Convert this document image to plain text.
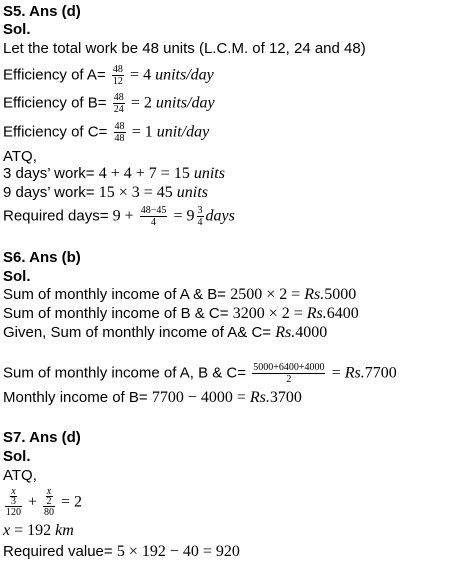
S5. Ans (d)
Sol.
Let the total work be 48 units (L.C.M. of 12, 24 and 48)
Efficiency of $A= \frac{48}{12} = 4$ units/day
Efficiency of $B= \frac{48}{24} = 2$ units/day
Efficiency of $C= \frac{48}{48} = 1$ unit/day
ATQ,
3 days’ work= 4 + 4 + 7 = 15 units
9 days’ work= 15 × 3 = 45 units
Required days= $9 + \frac{48-45}{4} = 9 \frac{3}{4}$ days
S6. Ans (b)
Sol.
Sum of monthly income of A & B= 2500 × 2 = Rs.5000
Sum of monthly income of B & C= 3200 × 2 = Rs.6400
Given, Sum of monthly income of A& C= Rs.4000
Sum of monthly income of A, B & $C= \frac{5000+6400+4000}{2} = Rs.7700$
Monthly income of B= 7700 − 4000 = Rs.3700
S7. Ans (d)
Sol.
ATQ,
$\frac{\frac{x}{3}}{120} + \frac{\frac{x}{2}}{80} = 2$
x = 192 km
Required value= 5 × 192 − 40 = 920
